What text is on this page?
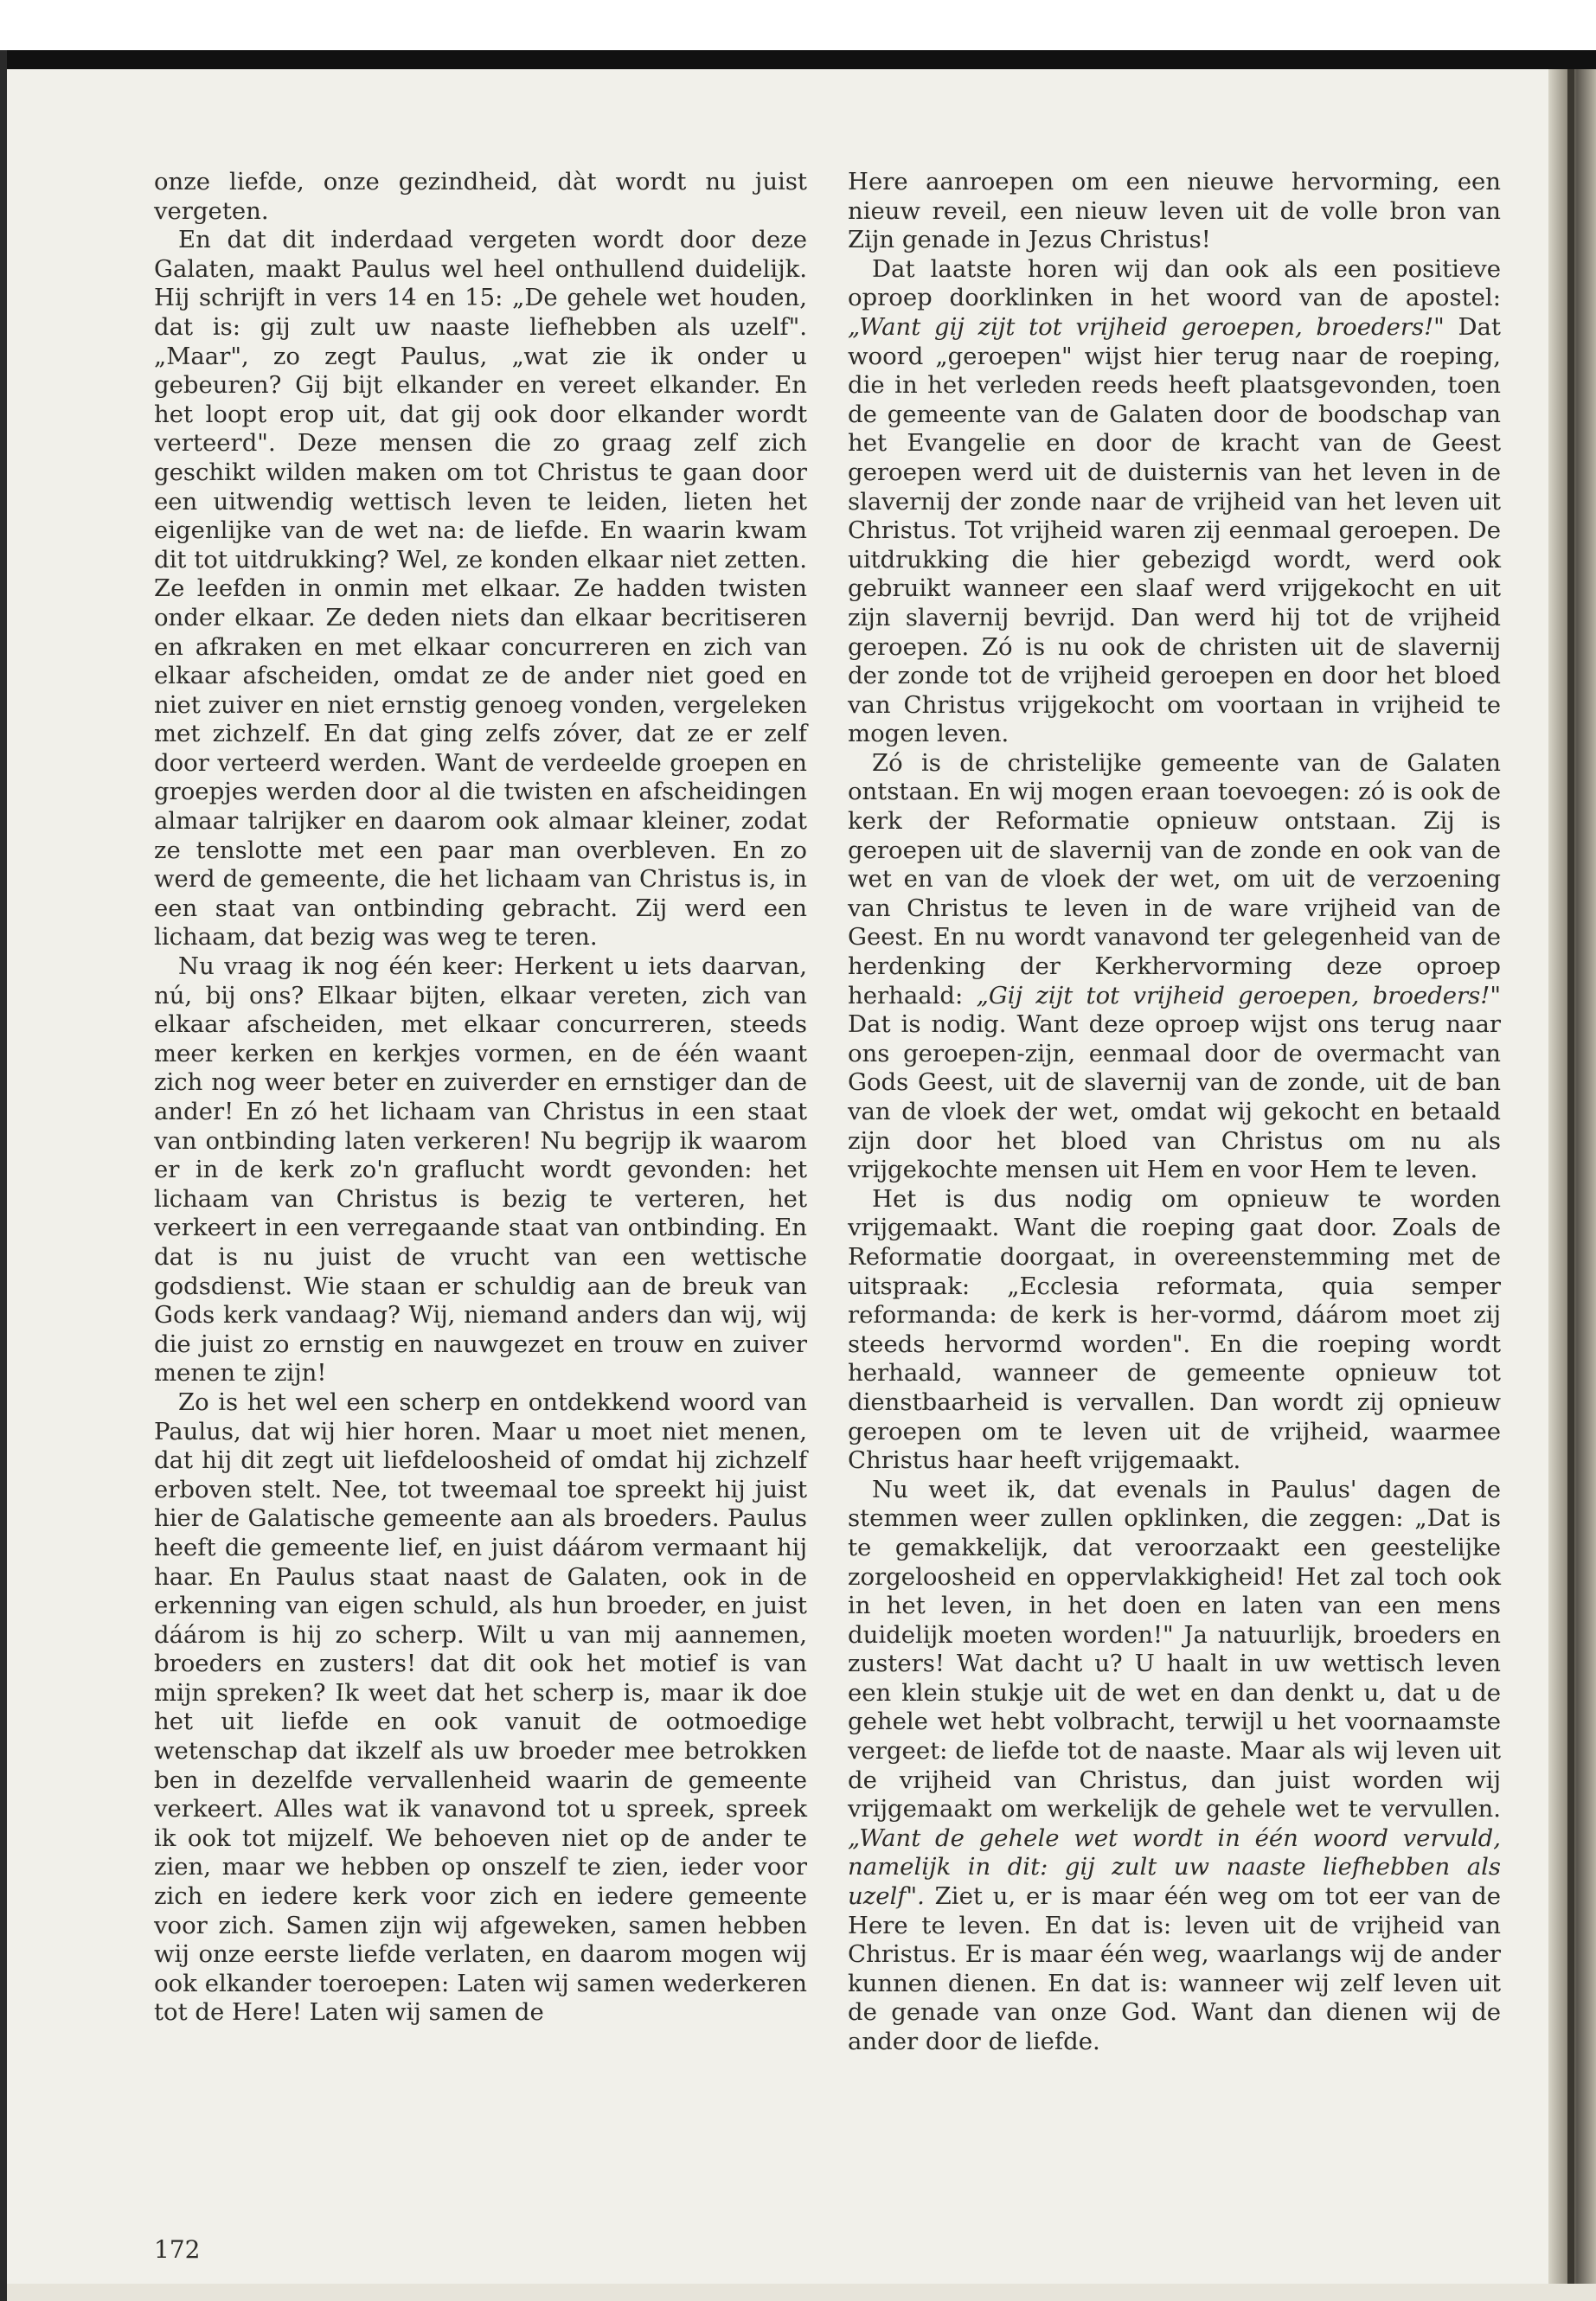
onze liefde, onze gezindheid, dàt wordt nu juist vergeten.

En dat dit inderdaad vergeten wordt door deze Galaten, maakt Paulus wel heel onthullend duidelijk. Hij schrijft in vers 14 en 15: „De gehele wet houden, dat is: gij zult uw naaste liefhebben als uzelf". „Maar", zo zegt Paulus, „wat zie ik onder u gebeuren? Gij bijt elkander en vereet elkander. En het loopt erop uit, dat gij ook door elkander wordt verteerd". Deze mensen die zo graag zelf zich geschikt wilden maken om tot Christus te gaan door een uitwendig wettisch leven te leiden, lieten het eigenlijke van de wet na: de liefde. En waarin kwam dit tot uitdrukking? Wel, ze konden elkaar niet zetten. Ze leefden in onmin met elkaar. Ze hadden twisten onder elkaar. Ze deden niets dan elkaar becritiseren en afkraken en met elkaar concurreren en zich van elkaar afscheiden, omdat ze de ander niet goed en niet zuiver en niet ernstig genoeg vonden, vergeleken met zichzelf. En dat ging zelfs zóver, dat ze er zelf door verteerd werden. Want de verdeelde groepen en groepjes werden door al die twisten en afscheidingen almaar talrijker en daarom ook almaar kleiner, zodat ze tenslotte met een paar man overbleven. En zo werd de gemeente, die het lichaam van Christus is, in een staat van ontbinding gebracht. Zij werd een lichaam, dat bezig was weg te teren.

Nu vraag ik nog één keer: Herkent u iets daarvan, nú, bij ons? Elkaar bijten, elkaar vereten, zich van elkaar afscheiden, met elkaar concurreren, steeds meer kerken en kerkjes vormen, en de één waant zich nog weer beter en zuiverder en ernstiger dan de ander! En zó het lichaam van Christus in een staat van ontbinding laten verkeren! Nu begrijp ik waarom er in de kerk zo'n graflucht wordt gevonden: het lichaam van Christus is bezig te verteren, het verkeert in een verregaande staat van ontbinding. En dat is nu juist de vrucht van een wettische godsdienst. Wie staan er schuldig aan de breuk van Gods kerk vandaag? Wij, niemand anders dan wij, wij die juist zo ernstig en nauwgezet en trouw en zuiver menen te zijn!

Zo is het wel een scherp en ontdekkend woord van Paulus, dat wij hier horen. Maar u moet niet menen, dat hij dit zegt uit liefdeloosheid of omdat hij zichzelf erboven stelt. Nee, tot tweemaal toe spreekt hij juist hier de Galatische gemeente aan als broeders. Paulus heeft die gemeente lief, en juist dáárom vermaant hij haar. En Paulus staat naast de Galaten, ook in de erkenning van eigen schuld, als hun broeder, en juist dáárom is hij zo scherp. Wilt u van mij aannemen, broeders en zusters! dat dit ook het motief is van mijn spreken? Ik weet dat het scherp is, maar ik doe het uit liefde en ook vanuit de ootmoedige wetenschap dat ikzelf als uw broeder mee betrokken ben in dezelfde vervallenheid waarin de gemeente verkeert. Alles wat ik vanavond tot u spreek, spreek ik ook tot mijzelf. We behoeven niet op de ander te zien, maar we hebben op onszelf te zien, ieder voor zich en iedere kerk voor zich en iedere gemeente voor zich. Samen zijn wij afgeweken, samen hebben wij onze eerste liefde verlaten, en daarom mogen wij ook elkander toeroepen: Laten wij samen wederkeren tot de Here! Laten wij samen de

Here aanroepen om een nieuwe hervorming, een nieuw reveil, een nieuw leven uit de volle bron van Zijn genade in Jezus Christus!

Dat laatste horen wij dan ook als een positieve oproep doorklinken in het woord van de apostel: „Want gij zijt tot vrijheid geroepen, broeders!" Dat woord „geroepen" wijst hier terug naar de roeping, die in het verleden reeds heeft plaatsgevonden, toen de gemeente van de Galaten door de boodschap van het Evangelie en door de kracht van de Geest geroepen werd uit de duisternis van het leven in de slavernij der zonde naar de vrijheid van het leven uit Christus. Tot vrijheid waren zij eenmaal geroepen. De uitdrukking die hier gebezigd wordt, werd ook gebruikt wanneer een slaaf werd vrijgekocht en uit zijn slavernij bevrijd. Dan werd hij tot de vrijheid geroepen. Zó is nu ook de christen uit de slavernij der zonde tot de vrijheid geroepen en door het bloed van Christus vrijgekocht om voortaan in vrijheid te mogen leven.

Zó is de christelijke gemeente van de Galaten ontstaan. En wij mogen eraan toevoegen: zó is ook de kerk der Reformatie opnieuw ontstaan. Zij is geroepen uit de slavernij van de zonde en ook van de wet en van de vloek der wet, om uit de verzoening van Christus te leven in de ware vrijheid van de Geest. En nu wordt vanavond ter gelegenheid van de herdenking der Kerkhervorming deze oproep herhaald: „Gij zijt tot vrijheid geroepen, broeders!" Dat is nodig. Want deze oproep wijst ons terug naar ons geroepen-zijn, eenmaal door de overmacht van Gods Geest, uit de slavernij van de zonde, uit de ban van de vloek der wet, omdat wij gekocht en betaald zijn door het bloed van Christus om nu als vrijgekochte mensen uit Hem en voor Hem te leven.

Het is dus nodig om opnieuw te worden vrijgemaakt. Want die roeping gaat door. Zoals de Reformatie doorgaat, in overeenstemming met de uitspraak: „Ecclesia reformata, quia semper reformanda: de kerk is her-vormd, dáárom moet zij steeds hervormd worden". En die roeping wordt herhaald, wanneer de gemeente opnieuw tot dienstbaarheid is vervallen. Dan wordt zij opnieuw geroepen om te leven uit de vrijheid, waarmee Christus haar heeft vrijgemaakt.

Nu weet ik, dat evenals in Paulus' dagen de stemmen weer zullen opklinken, die zeggen: „Dat is te gemakkelijk, dat veroorzaakt een geestelijke zorgeloosheid en oppervlakkigheid! Het zal toch ook in het leven, in het doen en laten van een mens duidelijk moeten worden!" Ja natuurlijk, broeders en zusters! Wat dacht u? U haalt in uw wettisch leven een klein stukje uit de wet en dan denkt u, dat u de gehele wet hebt volbracht, terwijl u het voornaamste vergeet: de liefde tot de naaste. Maar als wij leven uit de vrijheid van Christus, dan juist worden wij vrijgemaakt om werkelijk de gehele wet te vervullen. „Want de gehele wet wordt in één woord vervuld, namelijk in dit: gij zult uw naaste liefhebben als uzelf". Ziet u, er is maar één weg om tot eer van de Here te leven. En dat is: leven uit de vrijheid van Christus. Er is maar één weg, waarlangs wij de ander kunnen dienen. En dat is: wanneer wij zelf leven uit de genade van onze God. Want dan dienen wij de ander door de liefde.

172
